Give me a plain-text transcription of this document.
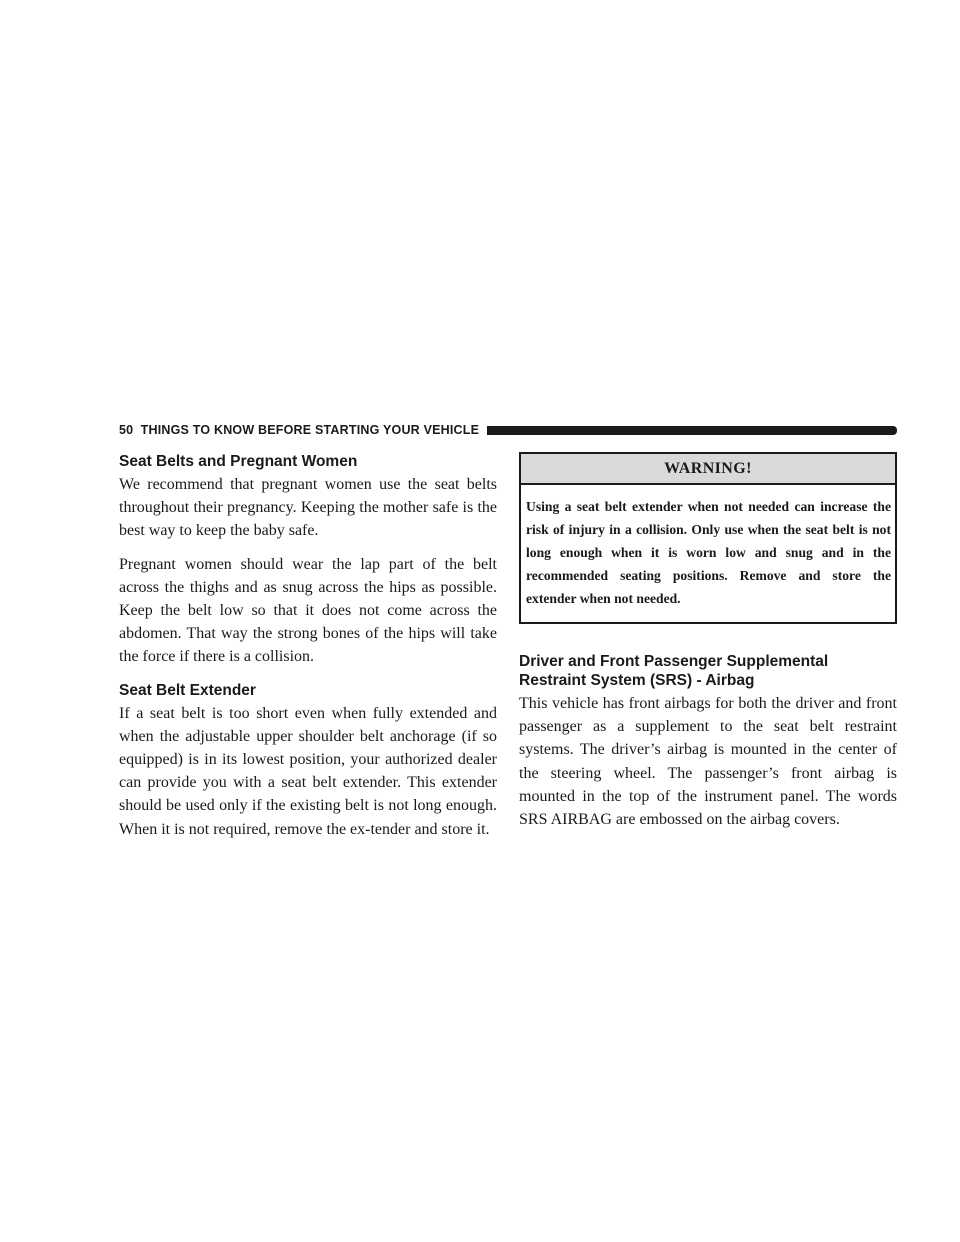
50 THINGS TO KNOW BEFORE STARTING YOUR VEHICLE
Seat Belts and Pregnant Women

We recommend that pregnant women use the seat belts throughout their pregnancy. Keeping the mother safe is the best way to keep the baby safe.

Pregnant women should wear the lap part of the belt across the thighs and as snug across the hips as possible. Keep the belt low so that it does not come across the abdomen. That way the strong bones of the hips will take the force if there is a collision.

Seat Belt Extender

If a seat belt is too short even when fully extended and when the adjustable upper shoulder belt anchorage (if so equipped) is in its lowest position, your authorized dealer can provide you with a seat belt extender. This extender should be used only if the existing belt is not long enough. When it is not required, remove the ex-tender and store it.

WARNING!
Using a seat belt extender when not needed can increase the risk of injury in a collision. Only use when the seat belt is not long enough when it is worn low and snug and in the recommended seating positions. Remove and store the extender when not needed.
Driver and Front Passenger Supplemental Restraint System (SRS) - Airbag

This vehicle has front airbags for both the driver and front passenger as a supplement to the seat belt restraint systems. The driver’s airbag is mounted in the center of the steering wheel. The passenger’s front airbag is mounted in the top of the instrument panel. The words SRS AIRBAG are embossed on the airbag covers.
